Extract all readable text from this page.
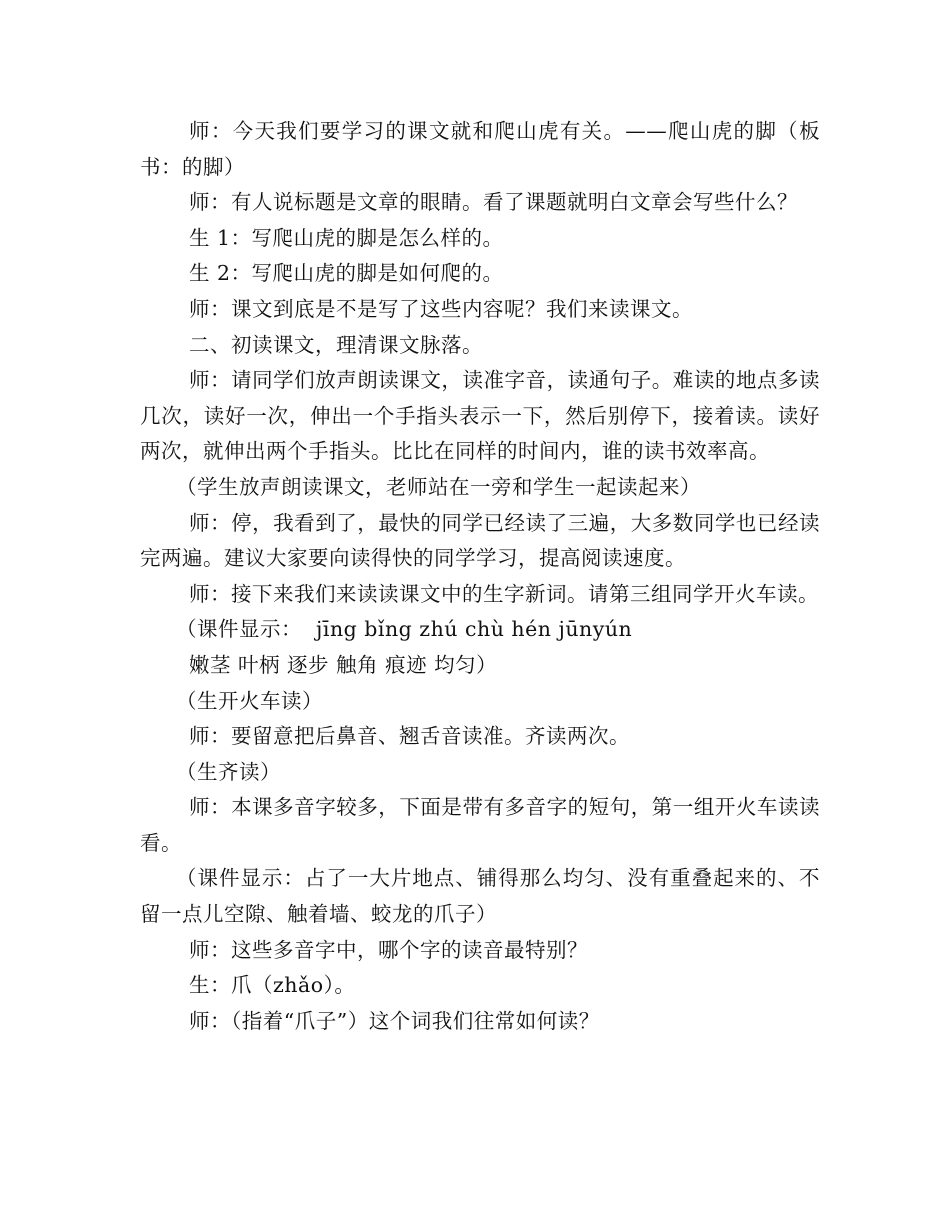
师：今天我们要学习的课文就和爬山虎有关。——爬山虎的脚（板书：的脚）

师：有人说标题是文章的眼睛。看了课题就明白文章会写些什么？

生 1：写爬山虎的脚是怎么样的。

生 2：写爬山虎的脚是如何爬的。

师：课文到底是不是写了这些内容呢？我们来读课文。

二、初读课文，理清课文脉落。

师：请同学们放声朗读课文，读准字音，读通句子。难读的地点多读几次，读好一次，伸出一个手指头表示一下，然后别停下，接着读。读好两次，就伸出两个手指头。比比在同样的时间内，谁的读书效率高。

（学生放声朗读课文，老师站在一旁和学生一起读起来）

师：停，我看到了，最快的同学已经读了三遍，大多数同学也已经读完两遍。建议大家要向读得快的同学学习，提高阅读速度。

师：接下来我们来读读课文中的生字新词。请第三组同学开火车读。

（课件显示：  jīng bǐng zhú chù hén jūnyún

嫩茎 叶柄 逐步 触角 痕迹 均匀）

（生开火车读）

师：要留意把后鼻音、翘舌音读准。齐读两次。

（生齐读）

师：本课多音字较多，下面是带有多音字的短句，第一组开火车读读看。

（课件显示：占了一大片地点、铺得那么均匀、没有重叠起来的、不留一点儿空隙、触着墙、蛟龙的爪子）

师：这些多音字中，哪个字的读音最特别？

生：爪（zhǎo）。

师：（指着“爪子”）这个词我们往常如何读？
